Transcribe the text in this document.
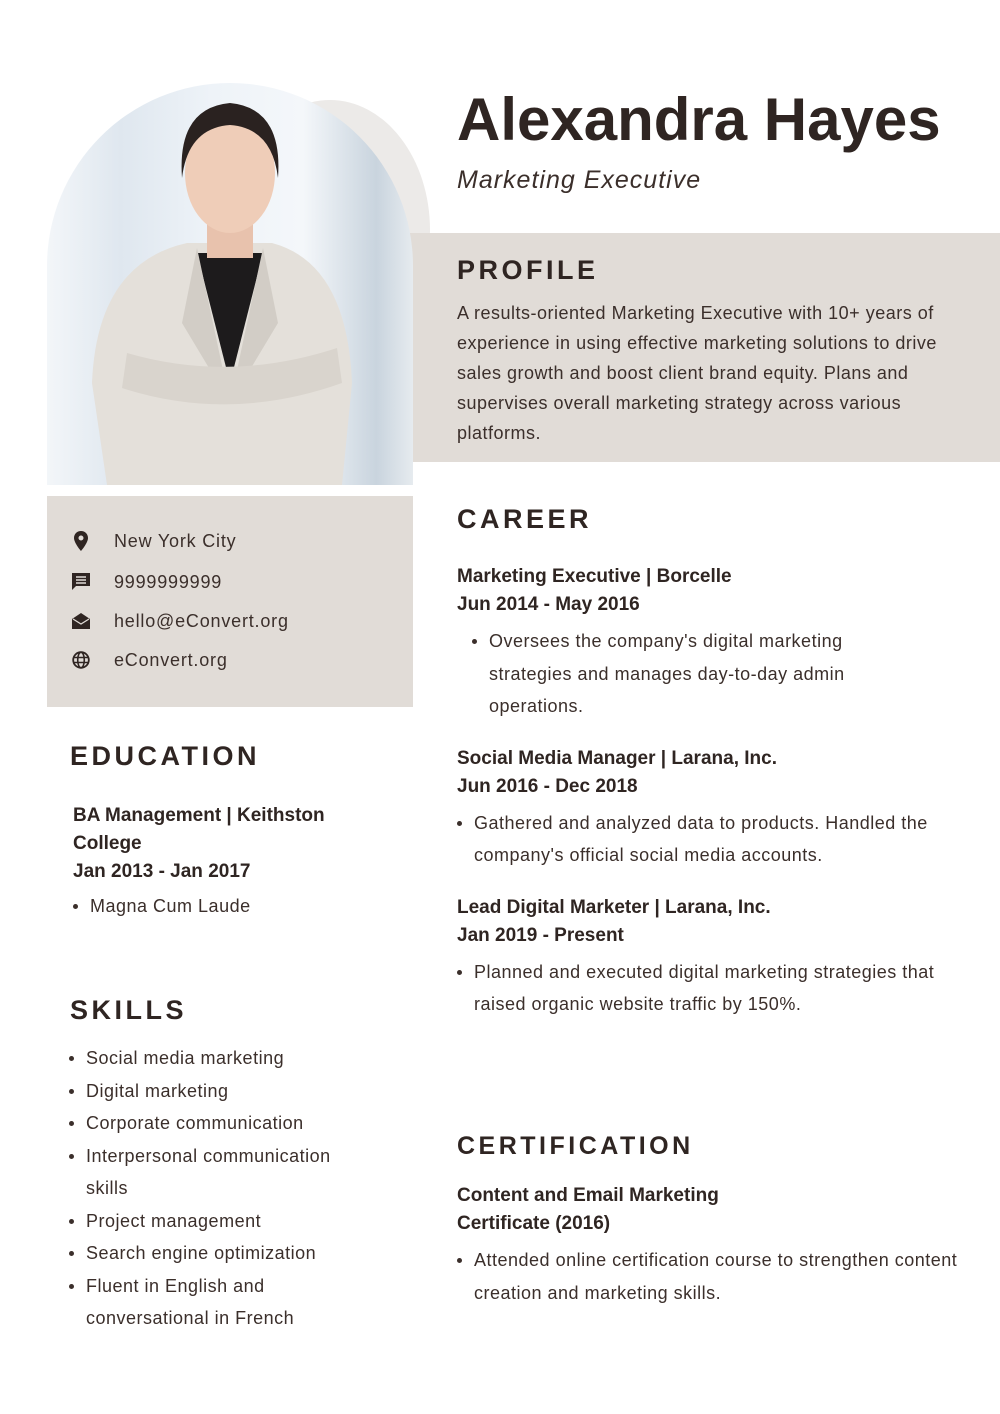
Alexandra Hayes
Marketing Executive
PROFILE
A results-oriented Marketing Executive with 10+ years of experience in using effective marketing solutions to drive sales growth and boost client brand equity. Plans and supervises overall marketing strategy across various platforms.
New York City
9999999999
hello@eConvert.org
eConvert.org
EDUCATION
BA Management | Keithston College
Jan 2013 - Jan 2017
Magna Cum Laude
SKILLS
Social media marketing
Digital marketing
Corporate communication
Interpersonal communication skills
Project management
Search engine optimization
Fluent in English and conversational in French
CAREER
Marketing Executive | Borcelle
Jun 2014 - May 2016
Oversees the company's digital marketing strategies and manages day-to-day admin operations.
Social Media Manager | Larana, Inc.
Jun 2016 - Dec 2018
Gathered and analyzed data to products. Handled the company's official social media accounts.
Lead Digital Marketer | Larana, Inc.
Jan 2019 - Present
Planned and executed digital marketing strategies that raised organic website traffic by 150%.
CERTIFICATION
Content and Email Marketing Certificate (2016)
Attended online certification course to strengthen content creation and marketing skills.
